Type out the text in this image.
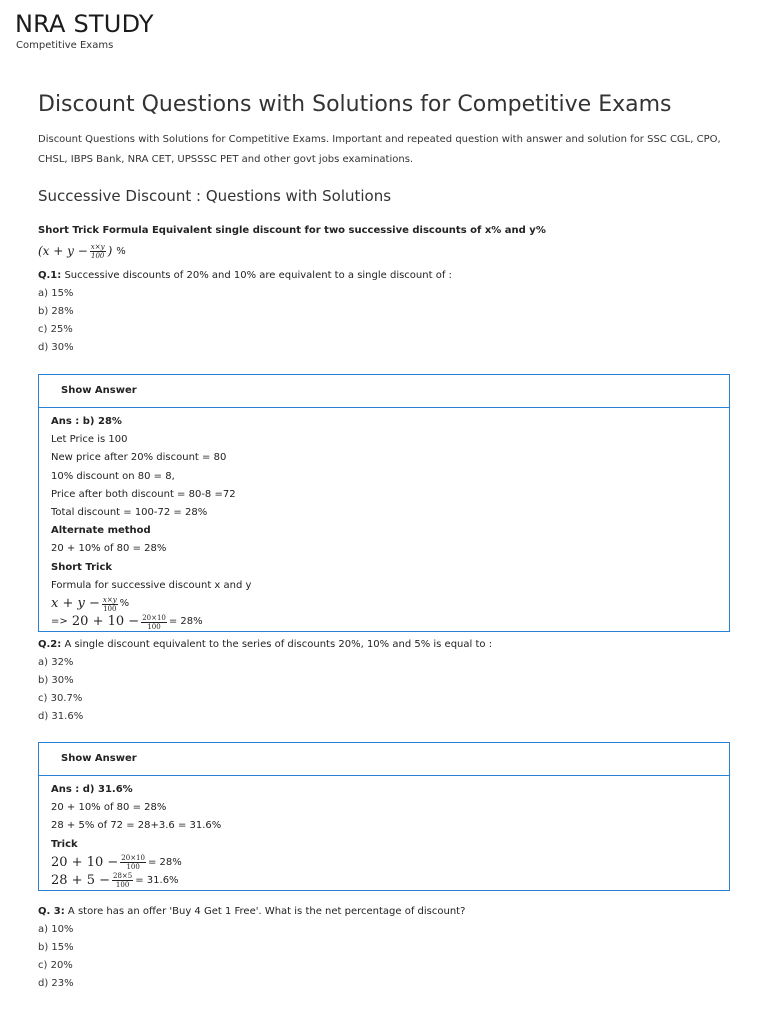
NRA STUDY
Competitive Exams
Discount Questions with Solutions for Competitive Exams
Discount Questions with Solutions for Competitive Exams. Important and repeated question with answer and solution for SSC CGL, CPO, CHSL, IBPS Bank, NRA CET, UPSSSC PET and other govt jobs examinations.
Successive Discount : Questions with Solutions
Short Trick Formula Equivalent single discount for two successive discounts of x% and y%
($x + y - \frac{x\times y}{100}$ ) %
Q.1: Successive discounts of 20% and 10% are equivalent to a single discount of :
a) 15%
b) 28%
c) 25%
d) 30%
Show Answer
Ans : b) 28%
Let Price is 100
New price after 20% discount = 80
10% discount on 80 = 8,
Price after both discount = 80-8 =72
Total discount = 100-72 = 28%
Alternate method
20 + 10% of 80 = 28%
Short Trick
Formula for successive discount x and y
$x + y - \frac{x\times y}{100}$ %
=>
$20 + 10 - \frac{20\times 10}{100} = 28\%$
Q.2: A single discount equivalent to the series of discounts 20%, 10% and 5% is equal to :
a) 32%
b) 30%
c) 30.7%
d) 31.6%
Show Answer
Ans : d) 31.6%
20 + 10% of 80 = 28%
28 + 5% of 72 = 28+3.6 = 31.6%
Trick
$20 + 10 - \frac{20\times 10}{100} = 28\%$
$28 + 5 - \frac{28\times 5}{100} = 31.6\%$
Q. 3: A store has an offer 'Buy 4 Get 1 Free'. What is the net percentage of discount?
a) 10%
b) 15%
c) 20%
d) 23%
